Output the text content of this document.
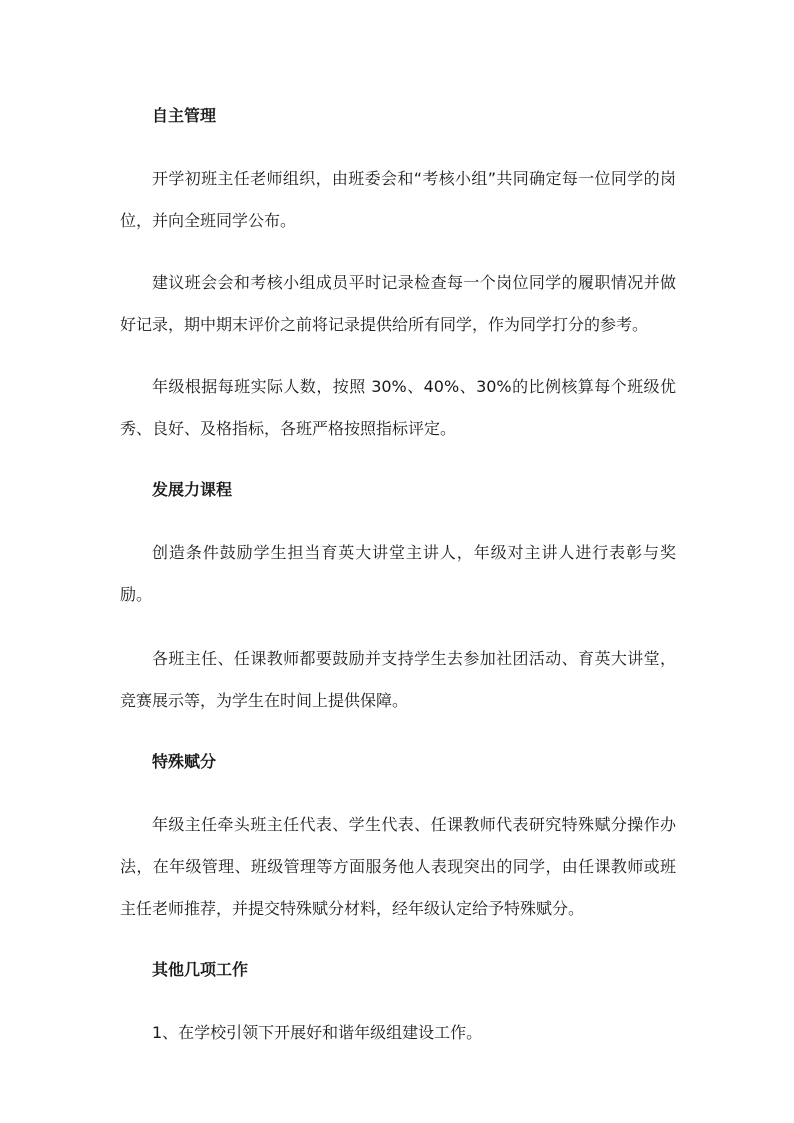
自主管理
开学初班主任老师组织，由班委会和“考核小组”共同确定每一位同学的岗位，并向全班同学公布。
建议班会会和考核小组成员平时记录检查每一个岗位同学的履职情况并做好记录，期中期末评价之前将记录提供给所有同学，作为同学打分的参考。
年级根据每班实际人数，按照 30%、40%、30%的比例核算每个班级优秀、良好、及格指标，各班严格按照指标评定。
发展力课程
创造条件鼓励学生担当育英大讲堂主讲人，年级对主讲人进行表彰与奖励。
各班主任、任课教师都要鼓励并支持学生去参加社团活动、育英大讲堂，竞赛展示等，为学生在时间上提供保障。
特殊赋分
年级主任牵头班主任代表、学生代表、任课教师代表研究特殊赋分操作办法，在年级管理、班级管理等方面服务他人表现突出的同学，由任课教师或班主任老师推荐，并提交特殊赋分材料，经年级认定给予特殊赋分。
其他几项工作
1、在学校引领下开展好和谐年级组建设工作。
